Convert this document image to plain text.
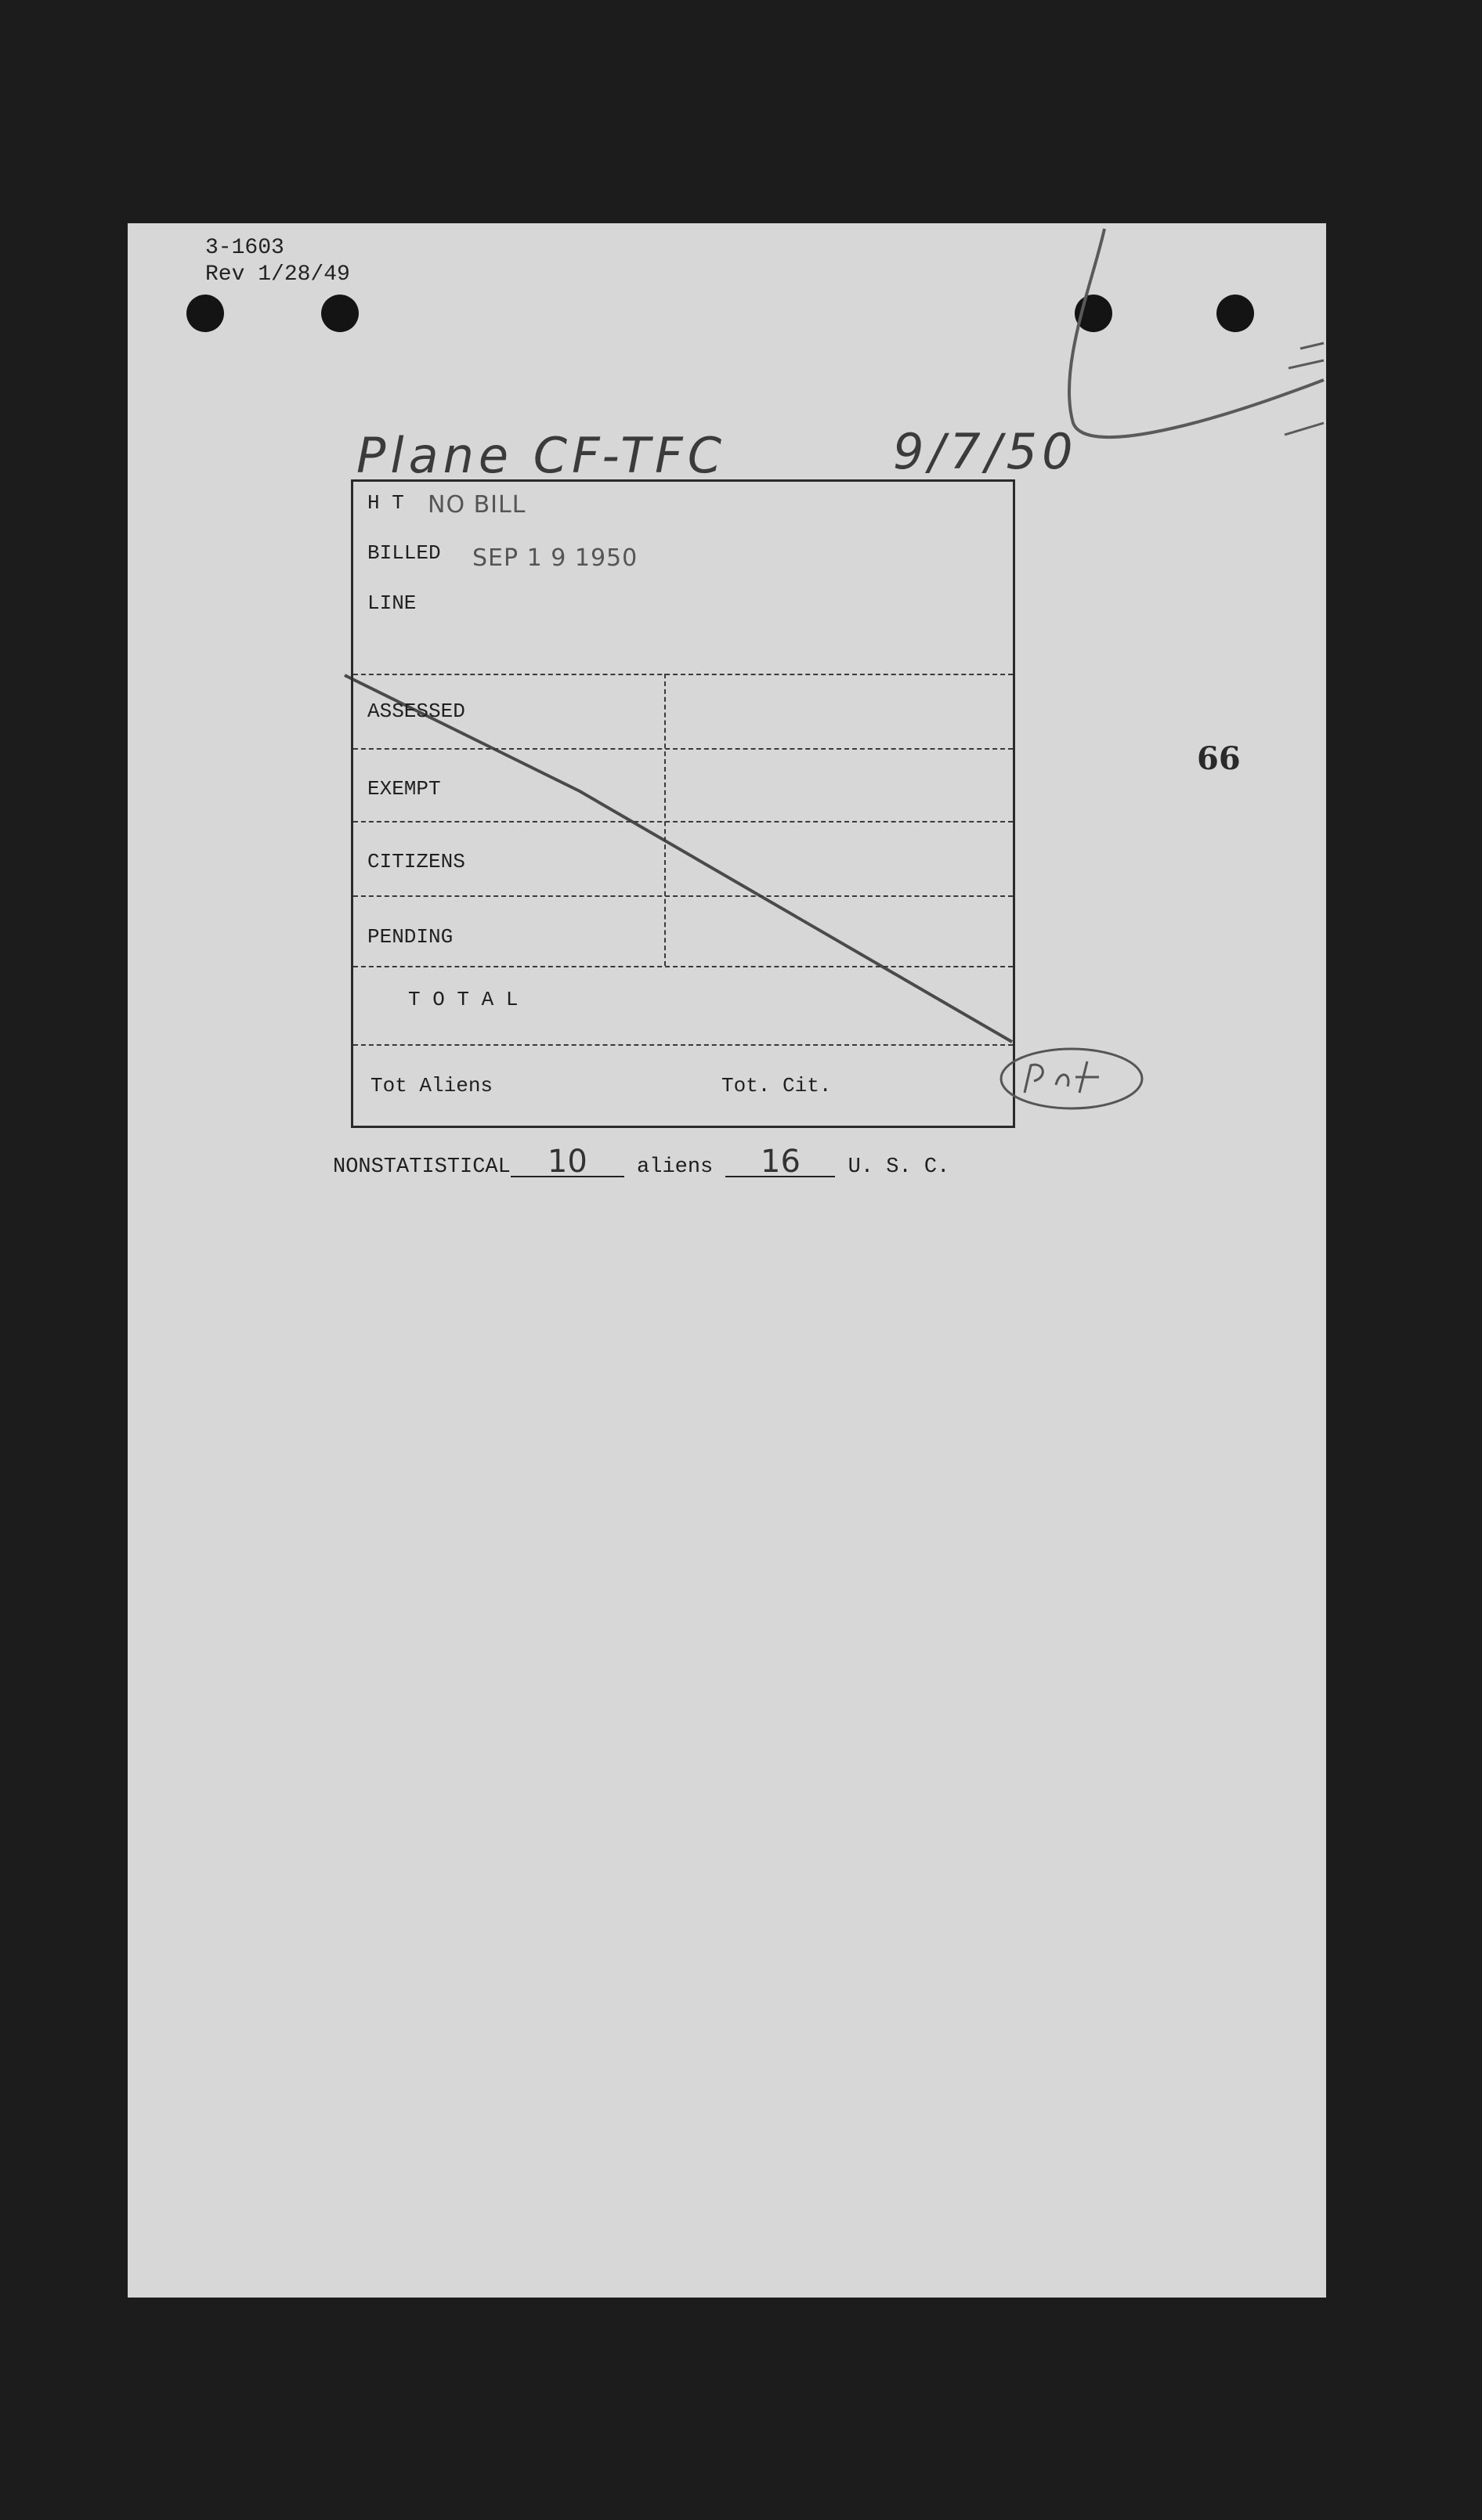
3-1603
Rev 1/28/49
Plane CF-TFC	9/7/50
H T NO BILL
BILLED SEP 1 9 1950
LINE
ASSESSED
EXEMPT
CITIZENS
PENDING
T O T A L
Tot Aliens	Tot. Cit.
66
NONSTATISTICAL 10 aliens 16 U. S. C.
